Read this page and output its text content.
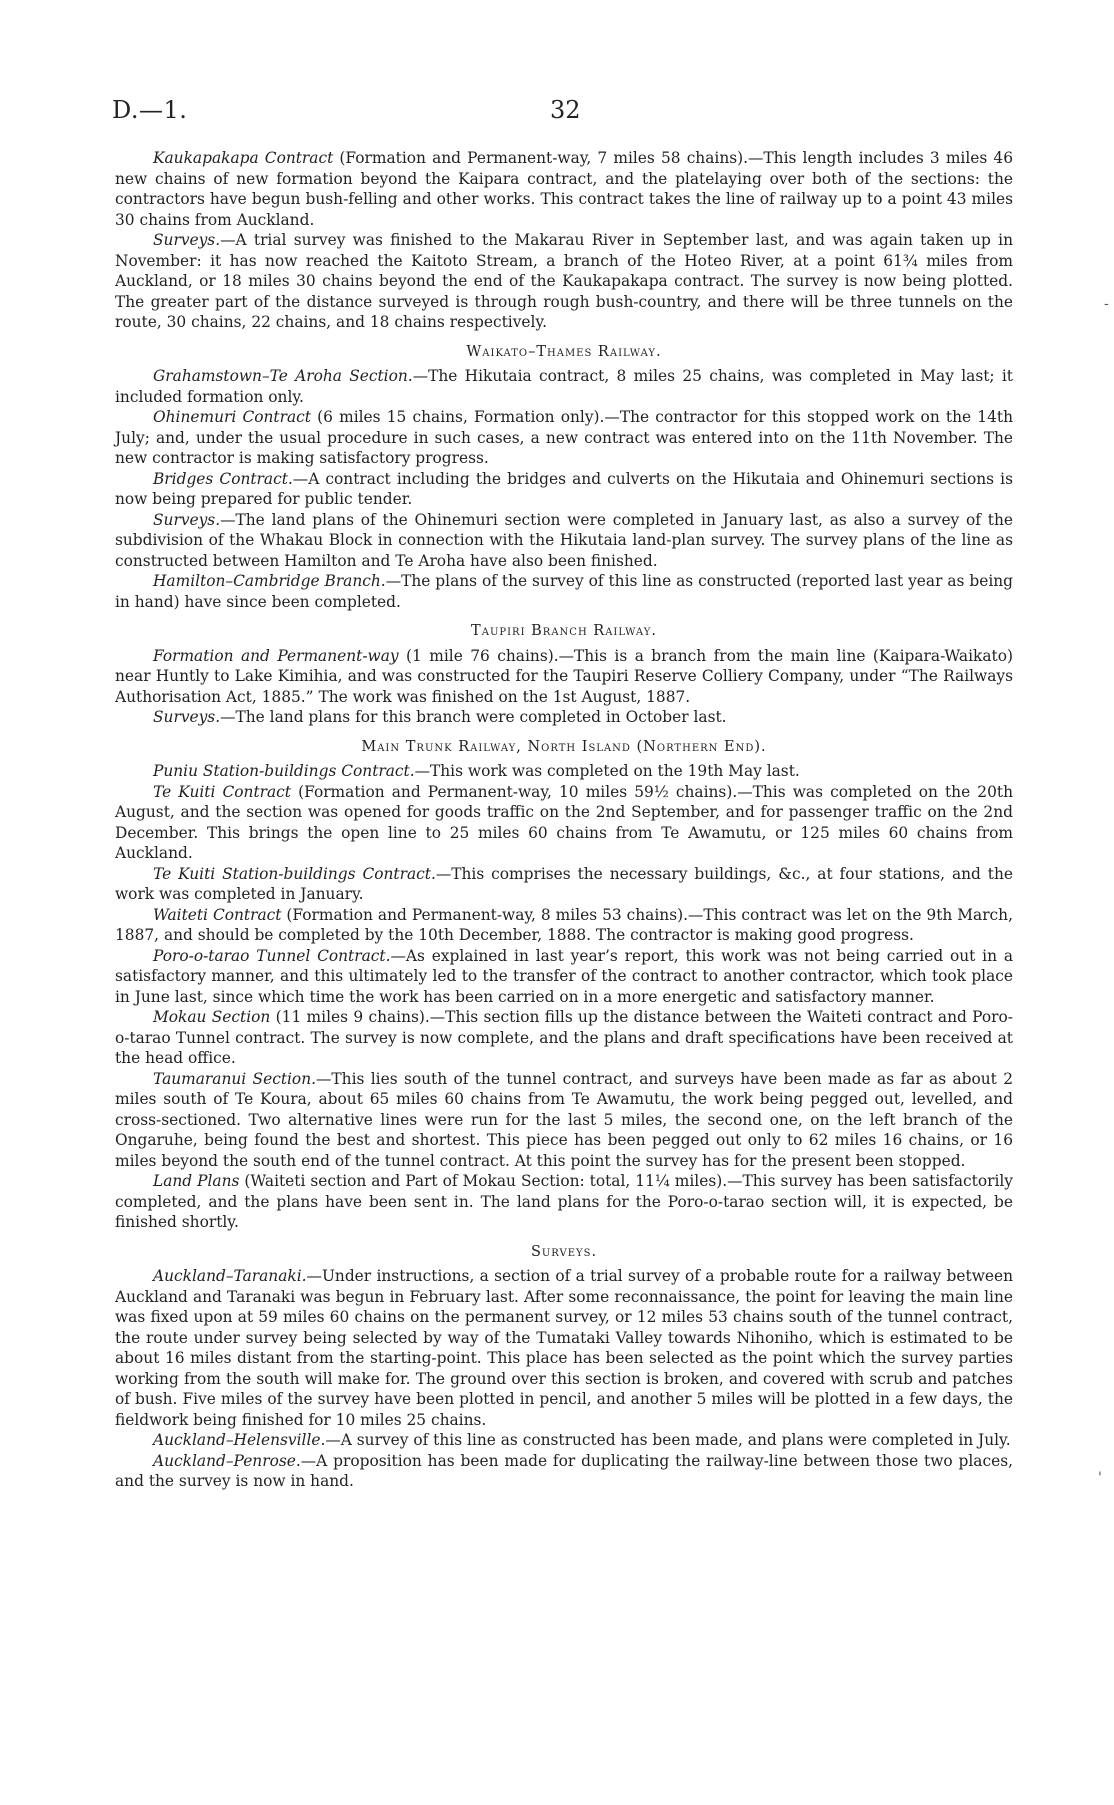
D.—1.	32

Kaukapakapa Contract (Formation and Permanent-way, 7 miles 58 chains).—This length includes 3 miles 46 new chains of new formation beyond the Kaipara contract, and the platelaying over both of the sections: the contractors have begun bush-felling and other works. This contract takes the line of railway up to a point 43 miles 30 chains from Auckland.

Surveys.—A trial survey was finished to the Makarau River in September last, and was again taken up in November: it has now reached the Kaitoto Stream, a branch of the Hoteo River, at a point 61¾ miles from Auckland, or 18 miles 30 chains beyond the end of the Kaukapakapa contract. The survey is now being plotted. The greater part of the distance surveyed is through rough bush-country, and there will be three tunnels on the route, 30 chains, 22 chains, and 18 chains respectively.

Waikato–Thames Railway.

Grahamstown–Te Aroha Section.—The Hikutaia contract, 8 miles 25 chains, was completed in May last; it included formation only.

Ohinemuri Contract (6 miles 15 chains, Formation only).—The contractor for this stopped work on the 14th July; and, under the usual procedure in such cases, a new contract was entered into on the 11th November. The new contractor is making satisfactory progress.

Bridges Contract.—A contract including the bridges and culverts on the Hikutaia and Ohinemuri sections is now being prepared for public tender.

Surveys.—The land plans of the Ohinemuri section were completed in January last, as also a survey of the subdivision of the Whakau Block in connection with the Hikutaia land-plan survey. The survey plans of the line as constructed between Hamilton and Te Aroha have also been finished.

Hamilton–Cambridge Branch.—The plans of the survey of this line as constructed (reported last year as being in hand) have since been completed.

Taupiri Branch Railway.

Formation and Permanent-way (1 mile 76 chains).—This is a branch from the main line (Kaipara-Waikato) near Huntly to Lake Kimihia, and was constructed for the Taupiri Reserve Colliery Company, under “The Railways Authorisation Act, 1885.” The work was finished on the 1st August, 1887.

Surveys.—The land plans for this branch were completed in October last.

Main Trunk Railway, North Island (Northern End).

Puniu Station-buildings Contract.—This work was completed on the 19th May last.

Te Kuiti Contract (Formation and Permanent-way, 10 miles 59½ chains).—This was completed on the 20th August, and the section was opened for goods traffic on the 2nd September, and for passenger traffic on the 2nd December. This brings the open line to 25 miles 60 chains from Te Awamutu, or 125 miles 60 chains from Auckland.

Te Kuiti Station-buildings Contract.—This comprises the necessary buildings, &c., at four stations, and the work was completed in January.

Waiteti Contract (Formation and Permanent-way, 8 miles 53 chains).—This contract was let on the 9th March, 1887, and should be completed by the 10th December, 1888. The contractor is making good progress.

Poro-o-tarao Tunnel Contract.—As explained in last year’s report, this work was not being carried out in a satisfactory manner, and this ultimately led to the transfer of the contract to another contractor, which took place in June last, since which time the work has been carried on in a more energetic and satisfactory manner.

Mokau Section (11 miles 9 chains).—This section fills up the distance between the Waiteti contract and Poro-o-tarao Tunnel contract. The survey is now complete, and the plans and draft specifications have been received at the head office.

Taumaranui Section.—This lies south of the tunnel contract, and surveys have been made as far as about 2 miles south of Te Koura, about 65 miles 60 chains from Te Awamutu, the work being pegged out, levelled, and cross-sectioned. Two alternative lines were run for the last 5 miles, the second one, on the left branch of the Ongaruhe, being found the best and shortest. This piece has been pegged out only to 62 miles 16 chains, or 16 miles beyond the south end of the tunnel contract. At this point the survey has for the present been stopped.

Land Plans (Waiteti section and Part of Mokau Section: total, 11¼ miles).—This survey has been satisfactorily completed, and the plans have been sent in. The land plans for the Poro-o-tarao section will, it is expected, be finished shortly.

Surveys.

Auckland–Taranaki.—Under instructions, a section of a trial survey of a probable route for a railway between Auckland and Taranaki was begun in February last. After some reconnaissance, the point for leaving the main line was fixed upon at 59 miles 60 chains on the permanent survey, or 12 miles 53 chains south of the tunnel contract, the route under survey being selected by way of the Tumataki Valley towards Nihoniho, which is estimated to be about 16 miles distant from the starting-point. This place has been selected as the point which the survey parties working from the south will make for. The ground over this section is broken, and covered with scrub and patches of bush. Five miles of the survey have been plotted in pencil, and another 5 miles will be plotted in a few days, the fieldwork being finished for 10 miles 25 chains.

Auckland–Helensville.—A survey of this line as constructed has been made, and plans were completed in July.

Auckland–Penrose.—A proposition has been made for duplicating the railway-line between those two places, and the survey is now in hand.

-
'
